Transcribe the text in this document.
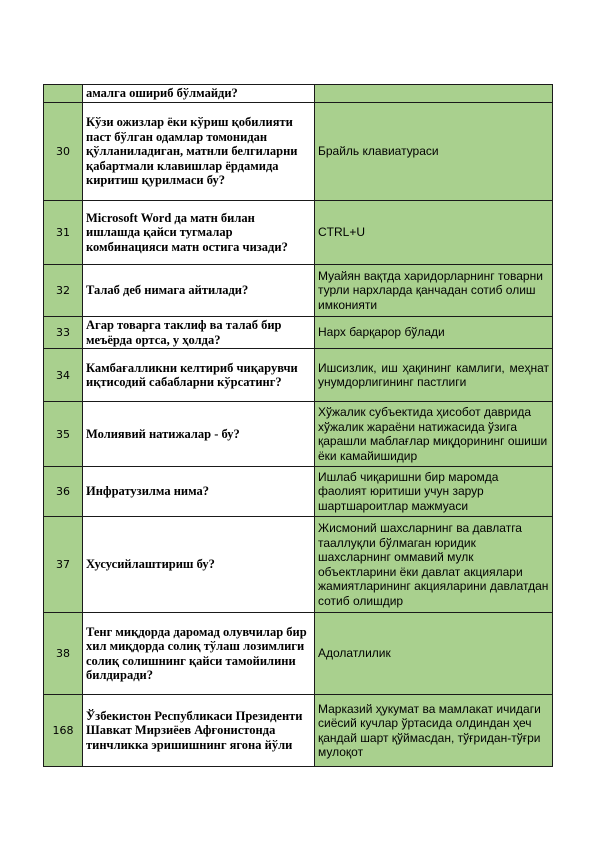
	амалга ошириб бўлмайди?	
30	Кўзи ожизлар ёки кўриш қобилияти паст бўлган одамлар томонидан қўлланиладиган, матнли белгиларни қабартмали клавишлар ёрдамида киритиш қурилмаси бу?	Брайль клавиатураси
31	Microsoft Word да матн билан ишлашда қайси тугмалар комбинацияси матн остига чизади?	CTRL+U
32	Талаб деб нимага айтилади?	Муайян вақтда харидорларнинг товарни турли нархларда қанчадан сотиб олиш имконияти
33	Агар товарга таклиф ва талаб бир меъёрда ортса, у ҳолда?	Нарх барқарор бўлади
34	Камбағалликни келтириб чиқарувчи иқтисодий сабабларни кўрсатинг?	Ишсизлик, иш ҳақининг камлиги, меҳнат унумдорлигининг пастлиги
35	Молиявий натижалар - бу?	Хўжалик субъектида ҳисобот даврида хўжалик жараёни натижасида ўзига қарашли маблағлар миқдорининг ошиши ёки камайишидир
36	Инфратузилма нима?	Ишлаб чиқаришни бир маромда фаолият юритиши учун зарур шартшароитлар мажмуаси
37	Хусусийлаштириш бу?	Жисмоний шахсларнинг ва давлатга тааллуқли бўлмаган юридик шахсларнинг оммавий мулк объектларини ёки давлат акциялари жамиятларининг акцияларини давлатдан сотиб олишдир
38	Тенг миқдорда даромад олувчилар бир хил миқдорда солиқ тўлаш лозимлиги солиқ солишнинг қайси тамойилини билдиради?	Адолатлилик
168	Ўзбекистон Республикаси Президенти Шавкат Мирзиёев Афғонистонда тинчликка эришишнинг ягона йўли	Марказий ҳукумат ва мамлакат ичидаги сиёсий кучлар ўртасида олдиндан ҳеч қандай шарт қўймасдан, тўғридан-тўғри мулоқот
